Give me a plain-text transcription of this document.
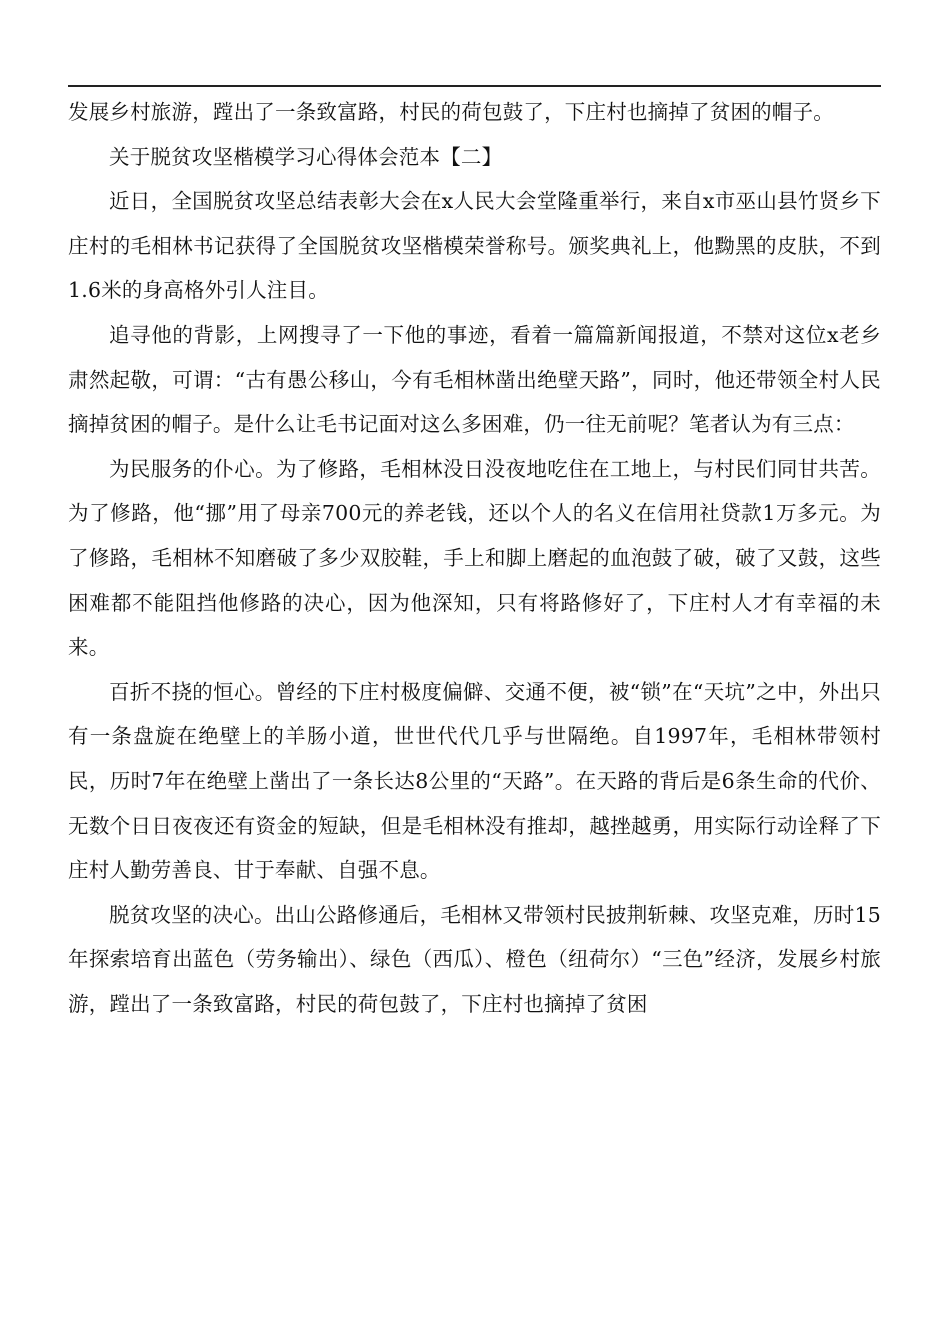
发展乡村旅游，蹚出了一条致富路，村民的荷包鼓了，下庄村也摘掉了贫困的帽子。

关于脱贫攻坚楷模学习心得体会范本【二】

近日，全国脱贫攻坚总结表彰大会在x人民大会堂隆重举行，来自x市巫山县竹贤乡下庄村的毛相林书记获得了全国脱贫攻坚楷模荣誉称号。颁奖典礼上，他黝黑的皮肤，不到1.6米的身高格外引人注目。

追寻他的背影，上网搜寻了一下他的事迹，看着一篇篇新闻报道，不禁对这位x老乡肃然起敬，可谓：“古有愚公移山，今有毛相林凿出绝壁天路”，同时，他还带领全村人民摘掉贫困的帽子。是什么让毛书记面对这么多困难，仍一往无前呢？笔者认为有三点：

为民服务的仆心。为了修路，毛相林没日没夜地吃住在工地上，与村民们同甘共苦。为了修路，他“挪”用了母亲700元的养老钱，还以个人的名义在信用社贷款1万多元。为了修路，毛相林不知磨破了多少双胶鞋，手上和脚上磨起的血泡鼓了破，破了又鼓，这些困难都不能阻挡他修路的决心，因为他深知，只有将路修好了，下庄村人才有幸福的未来。

百折不挠的恒心。曾经的下庄村极度偏僻、交通不便，被“锁”在“天坑”之中，外出只有一条盘旋在绝壁上的羊肠小道，世世代代几乎与世隔绝。自1997年，毛相林带领村民，历时7年在绝壁上凿出了一条长达8公里的“天路”。在天路的背后是6条生命的代价、无数个日日夜夜还有资金的短缺，但是毛相林没有推却，越挫越勇，用实际行动诠释了下庄村人勤劳善良、甘于奉献、自强不息。

脱贫攻坚的决心。出山公路修通后，毛相林又带领村民披荆斩棘、攻坚克难，历时15年探索培育出蓝色（劳务输出）、绿色（西瓜）、橙色（纽荷尔）“三色”经济，发展乡村旅游，蹚出了一条致富路，村民的荷包鼓了，下庄村也摘掉了贫困
